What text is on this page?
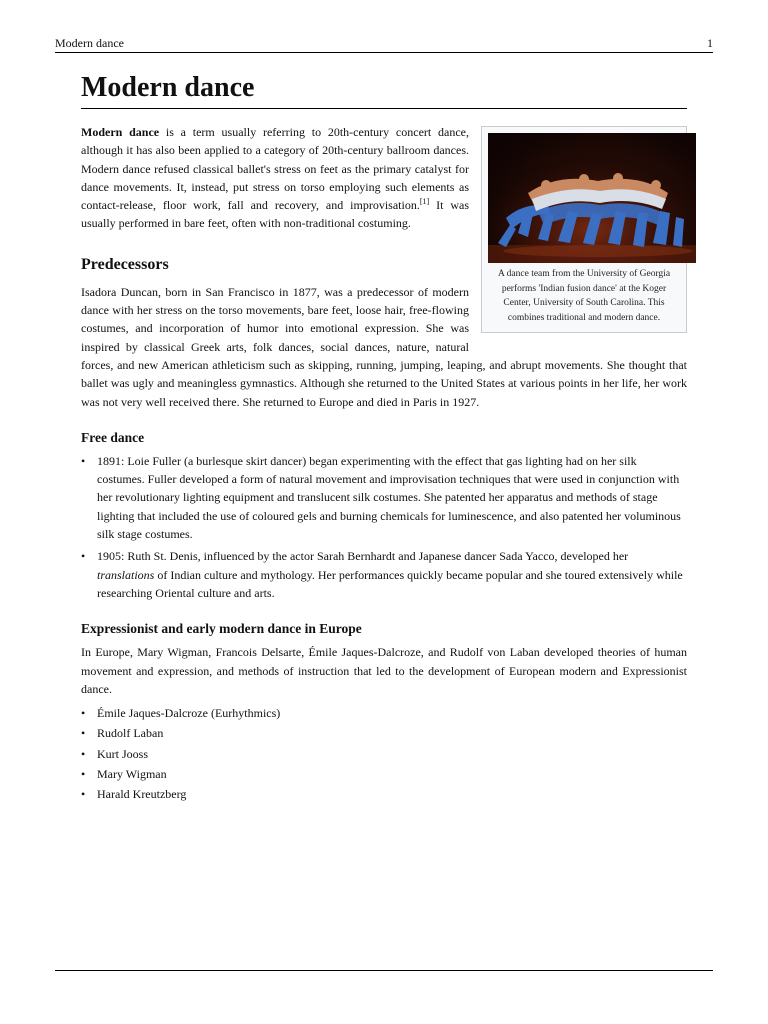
Modern dance	1
Modern dance
A dance team from the University of Georgia performs 'Indian fusion dance' at the Koger Center, University of South Carolina. This combines traditional and modern dance.

Modern dance is a term usually referring to 20th-century concert dance, although it has also been applied to a category of 20th-century ballroom dances. Modern dance refused classical ballet's stress on feet as the primary catalyst for dance movements. It, instead, put stress on torso employing such elements as contact-release, floor work, fall and recovery, and improvisation.[1] It was usually performed in bare feet, often with non-traditional costuming.

Predecessors

Isadora Duncan, born in San Francisco in 1877, was a predecessor of modern dance with her stress on the torso movements, bare feet, loose hair, free-flowing costumes, and incorporation of humor into emotional expression. She was inspired by classical Greek arts, folk dances, social dances, nature, natural forces, and new American athleticism such as skipping, running, jumping, leaping, and abrupt movements. She thought that ballet was ugly and meaningless gymnastics. Although she returned to the United States at various points in her life, her work was not very well received there. She returned to Europe and died in Paris in 1927.

Free dance
• 1891: Loie Fuller (a burlesque skirt dancer) began experimenting with the effect that gas lighting had on her silk costumes. Fuller developed a form of natural movement and improvisation techniques that were used in conjunction with her revolutionary lighting equipment and translucent silk costumes. She patented her apparatus and methods of stage lighting that included the use of coloured gels and burning chemicals for luminescence, and also patented her voluminous silk stage costumes.
• 1905: Ruth St. Denis, influenced by the actor Sarah Bernhardt and Japanese dancer Sada Yacco, developed her translations of Indian culture and mythology. Her performances quickly became popular and she toured extensively while researching Oriental culture and arts.
Expressionist and early modern dance in Europe

In Europe, Mary Wigman, Francois Delsarte, Émile Jaques-Dalcroze, and Rudolf von Laban developed theories of human movement and expression, and methods of instruction that led to the development of European modern and Expressionist dance.

• Émile Jaques-Dalcroze (Eurhythmics)
• Rudolf Laban
• Kurt Jooss
• Mary Wigman
• Harald Kreutzberg
